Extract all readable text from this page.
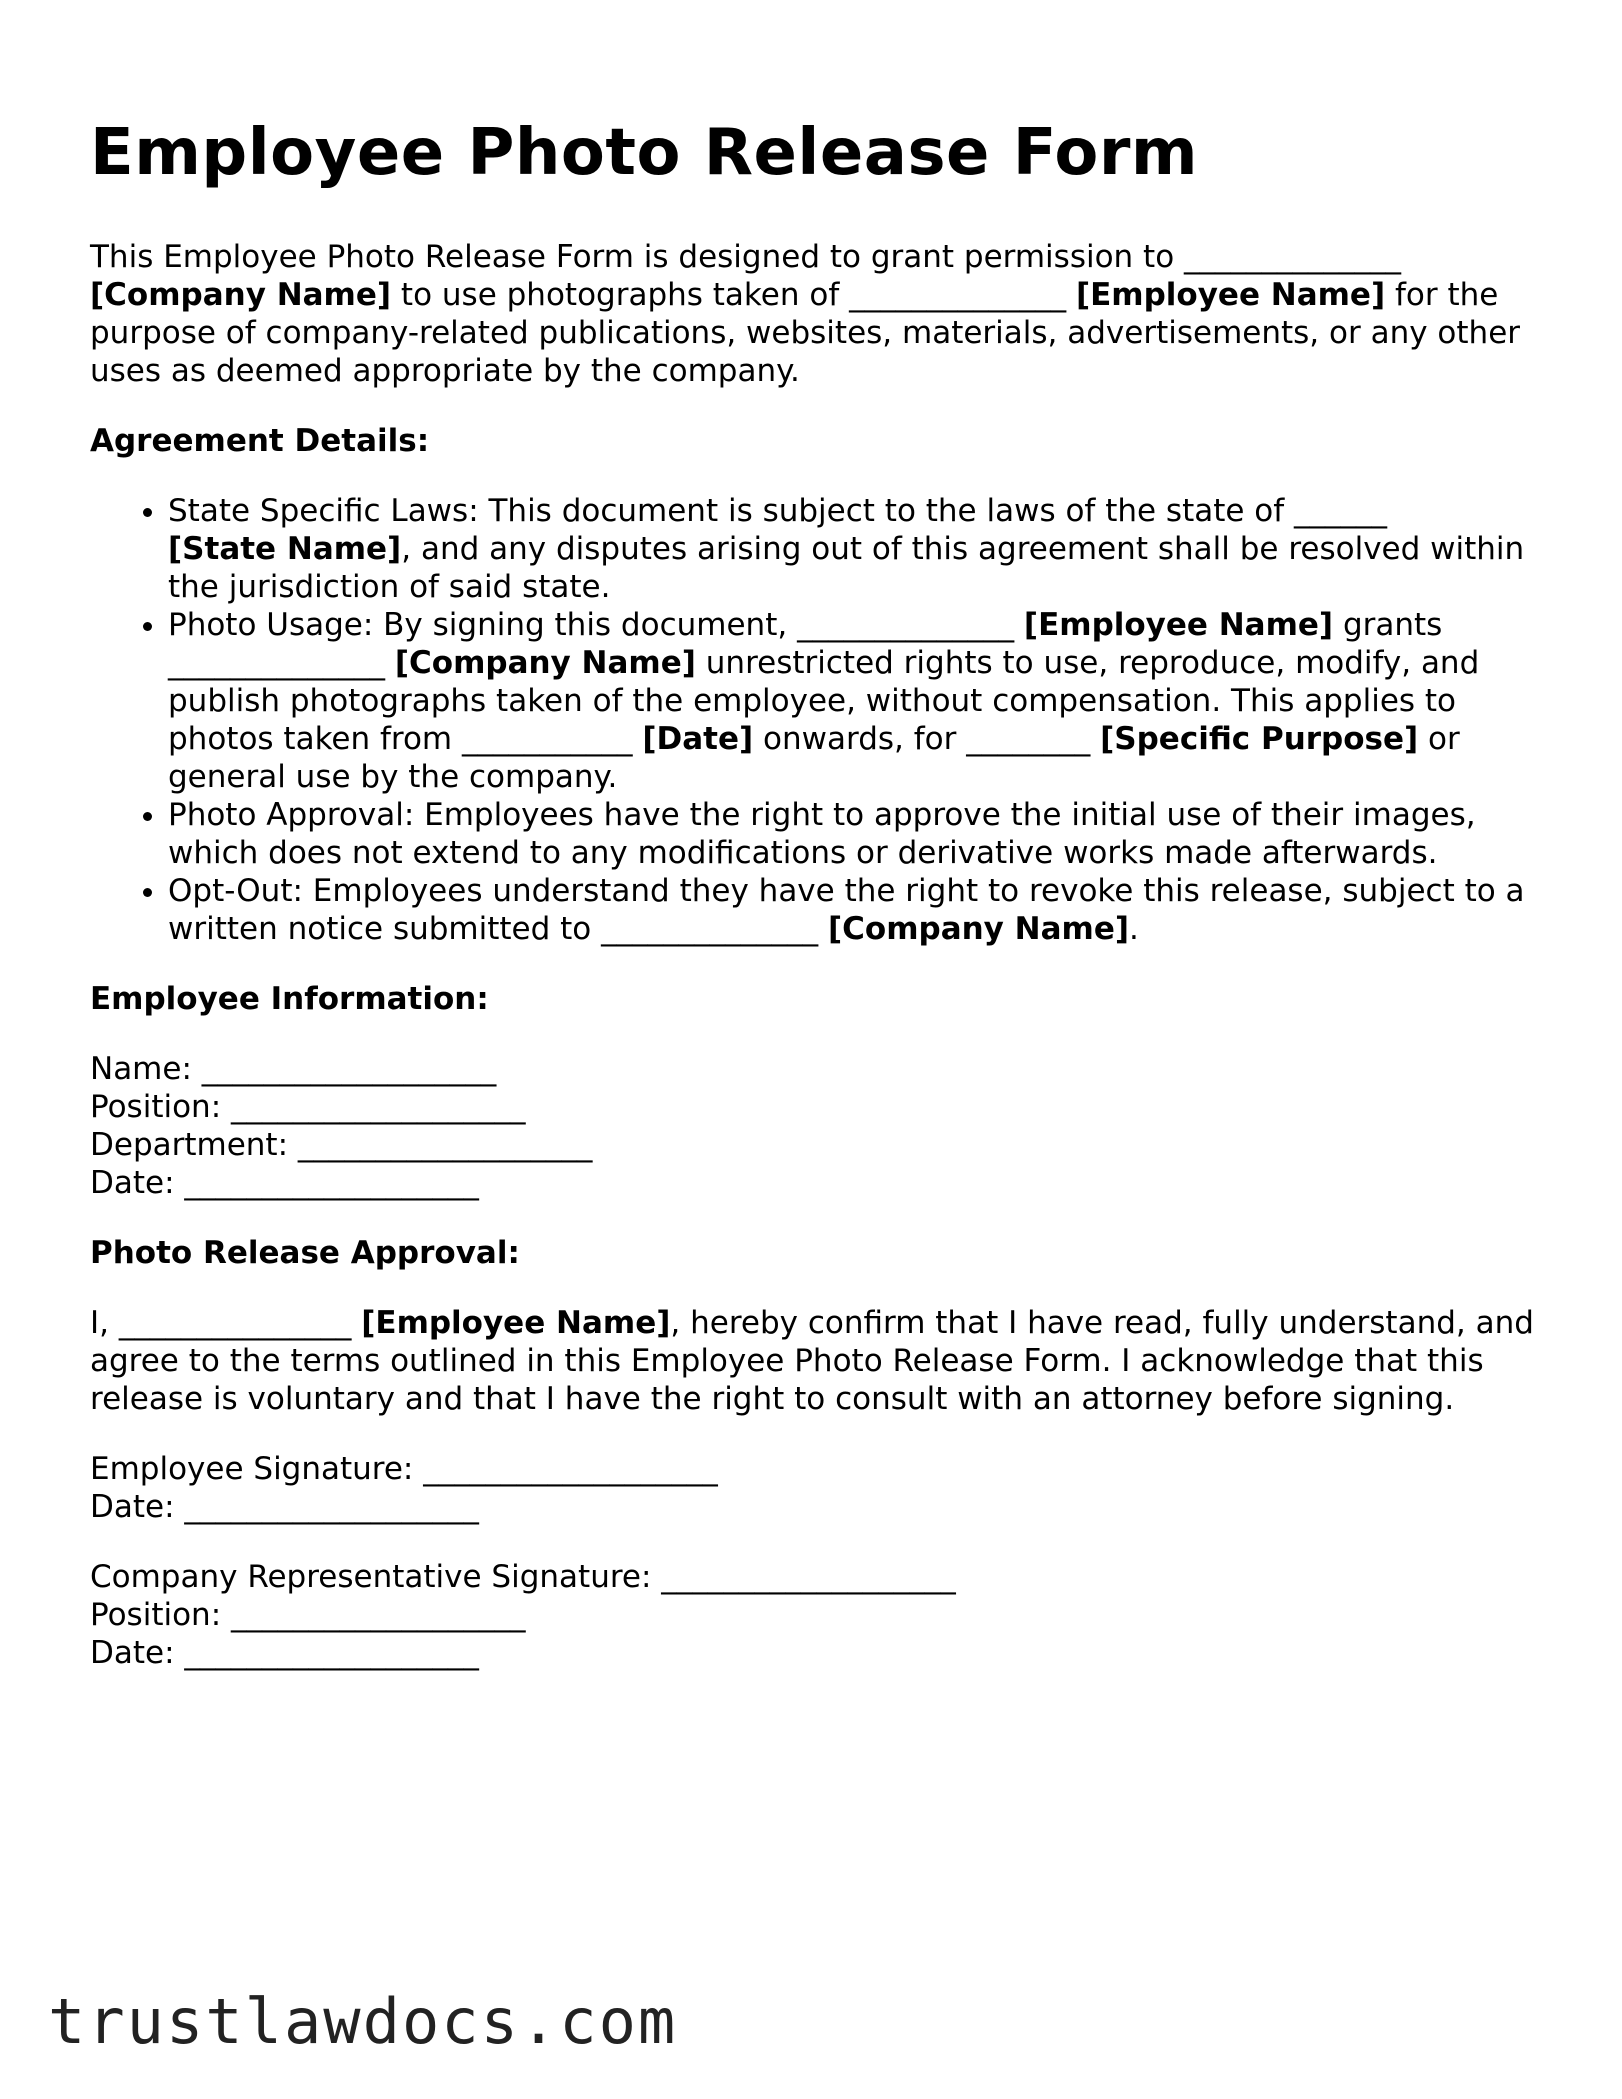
Employee Photo Release Form

This Employee Photo Release Form is designed to grant permission to ______________
[Company Name] to use photographs taken of ______________ [Employee Name] for the purpose of company-related publications, websites, materials, advertisements, or any other uses as deemed appropriate by the company.

Agreement Details:
• State Specific Laws: This document is subject to the laws of the state of ______
[State Name], and any disputes arising out of this agreement shall be resolved within the jurisdiction of said state.
• Photo Usage: By signing this document, ______________ [Employee Name] grants ______________ [Company Name] unrestricted rights to use, reproduce, modify, and publish photographs taken of the employee, without compensation. This applies to photos taken from ___________ [Date] onwards, for ________ [Specific Purpose] or general use by the company.
• Photo Approval: Employees have the right to approve the initial use of their images, which does not extend to any modifications or derivative works made afterwards.
• Opt-Out: Employees understand they have the right to revoke this release, subject to a written notice submitted to ______________ [Company Name].
Employee Information:
Name: ___________________
Position: ___________________
Department: ___________________
Date: ___________________
Photo Release Approval:

I, _______________ [Employee Name], hereby confirm that I have read, fully understand, and agree to the terms outlined in this Employee Photo Release Form. I acknowledge that this release is voluntary and that I have the right to consult with an attorney before signing.

Employee Signature: ___________________
Date: ___________________
Company Representative Signature: ___________________
Position: ___________________
Date: ___________________
trustlawdocs.com
